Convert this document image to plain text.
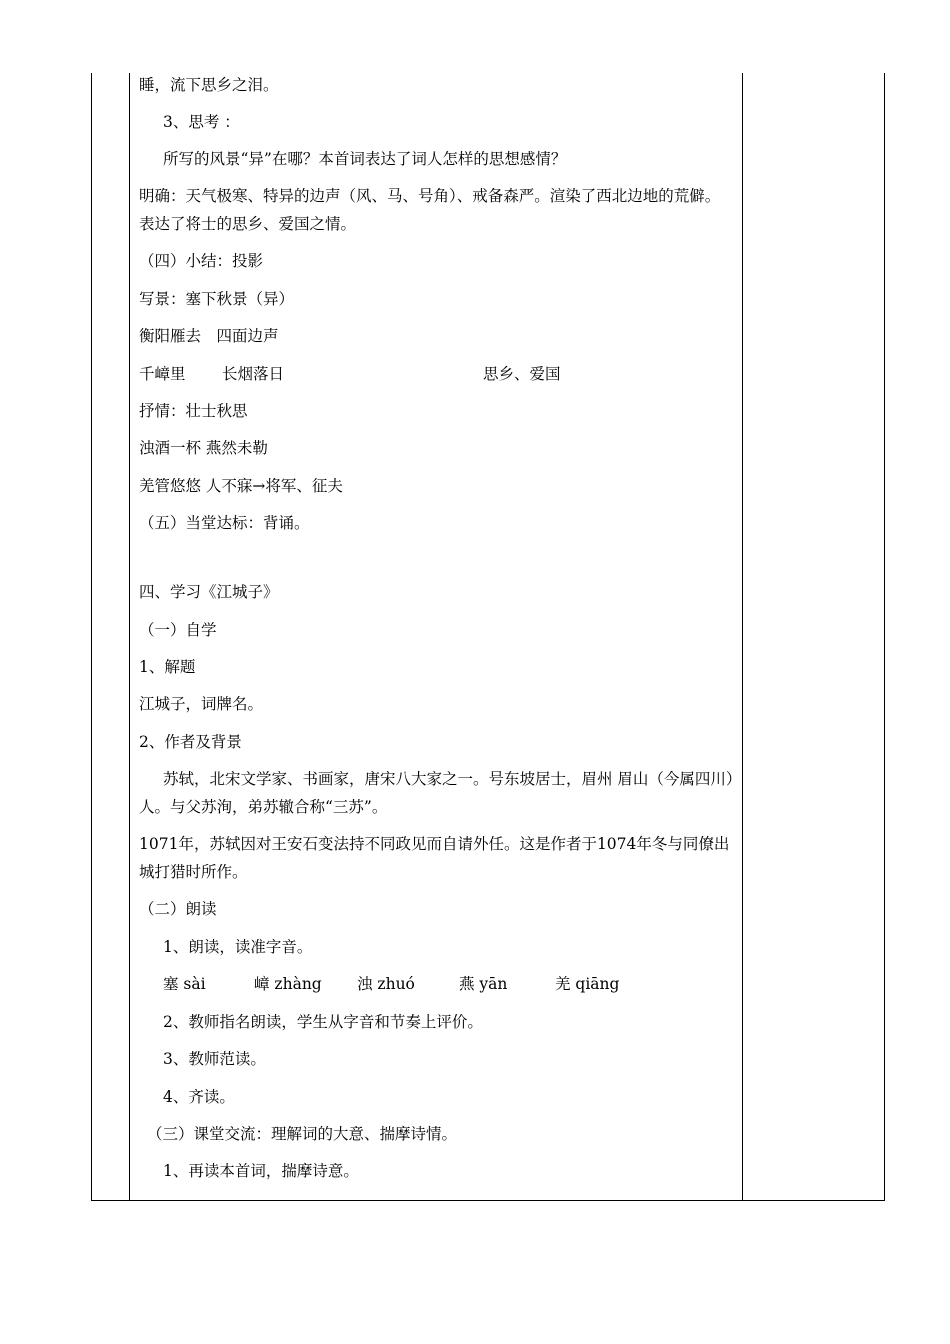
睡，流下思乡之泪。
3、思考 ：
所写的风景“异”在哪？本首词表达了词人怎样的思想感情？
明确：天气极寒、特异的边声（风、马、号角）、戒备森严。渲染了西北边地的荒僻。表达了将士的思乡、爱国之情。
（四）小结：投影
写景：塞下秋景（异）
衡阳雁去　四面边声
千嶂里 长烟落日	思乡、爱国
抒情：壮士秋思
浊酒一杯 燕然未勒
羌管悠悠 人不寐→将军、征夫
（五）当堂达标：背诵。
四、学习《江城子》
（一）自学
1、解题
江城子，词牌名。
2、作者及背景
苏轼，北宋文学家、书画家，唐宋八大家之一。号东坡居士，眉州 眉山（今属四川）人。与父苏洵，弟苏辙合称“三苏”。
1071年，苏轼因对王安石变法持不同政见而自请外任。这是作者于1074年冬与同僚出城打猎时所作。
（二）朗读
1、朗读，读准字音。
塞 sài	嶂 zhàng 浊 zhuó	燕 yān	羌 qiāng
2、教师指名朗读，学生从字音和节奏上评价。
3、教师范读。
4、齐读。
（三）课堂交流：理解词的大意、揣摩诗情。
1、再读本首词，揣摩诗意。
